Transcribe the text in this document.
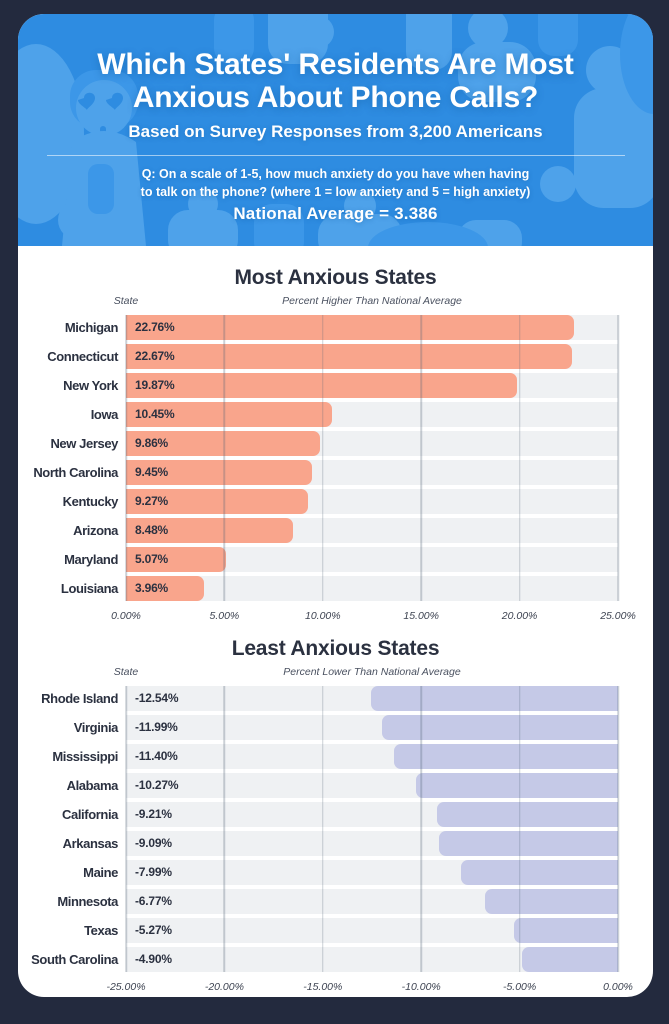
Which States' Residents Are Most
Anxious About Phone Calls?
Based on Survey Responses from 3,200 Americans
Q: On a scale of 1-5, how much anxiety do you have when having
to talk on the phone? (where 1 = low anxiety and 5 = high anxiety)
National Average = 3.386
Most Anxious States
State	Percent Higher Than National Average
Michigan	22.76%
Connecticut	22.67%
New York	19.87%
Iowa	10.45%
New Jersey	9.86%
North Carolina	9.45%
Kentucky	9.27%
Arizona	8.48%
Maryland	5.07%
Louisiana	3.96%
0.00%	5.00%	10.00%	15.00%	20.00%	25.00%
Least Anxious States
State	Percent Lower Than National Average
Rhode Island	-12.54%
Virginia	-11.99%
Mississippi	-11.40%
Alabama	-10.27%
California	-9.21%
Arkansas	-9.09%
Maine	-7.99%
Minnesota	-6.77%
Texas	-5.27%
South Carolina	-4.90%
-25.00%	-20.00%	-15.00%	-10.00%	-5.00%	0.00%
